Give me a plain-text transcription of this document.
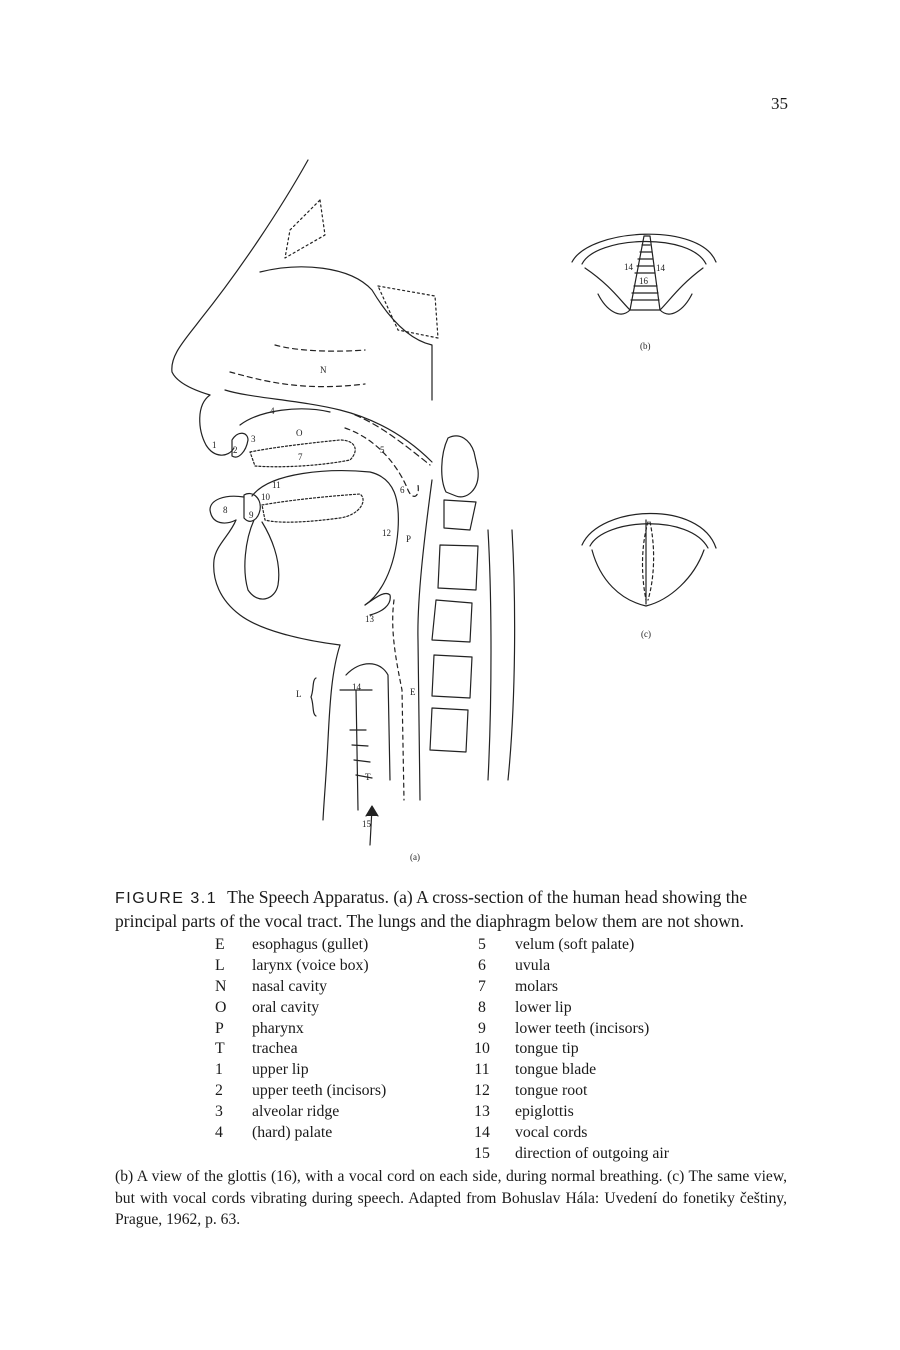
35
N
O
P
E
L
T
1 2
3
4
5
6
7
8 9
10
11
12
13
14
15
14	14
16
(a)
(b)
(c)
FIGURE 3.1 The Speech Apparatus. (a) A cross-section of the human head showing the principal parts of the vocal tract. The lungs and the diaphragm below them are not shown.
E	esophagus (gullet)
L	larynx (voice box)
N	nasal cavity
O	oral cavity
P	pharynx
T	trachea
1	upper lip
2	upper teeth (incisors)
3	alveolar ridge
4	(hard) palate
5 velum (soft palate)
6 uvula
7 molars
8 lower lip
9 lower teeth (incisors)
10 tongue tip
11 tongue blade
12 tongue root
13 epiglottis
14 vocal cords
15 direction of outgoing air
(b) A view of the glottis (16), with a vocal cord on each side, during normal breathing. (c) The same view, but with vocal cords vibrating during speech. Adapted from Bohuslav Hála: Uvedení do fonetiky češtiny, Prague, 1962, p. 63.
